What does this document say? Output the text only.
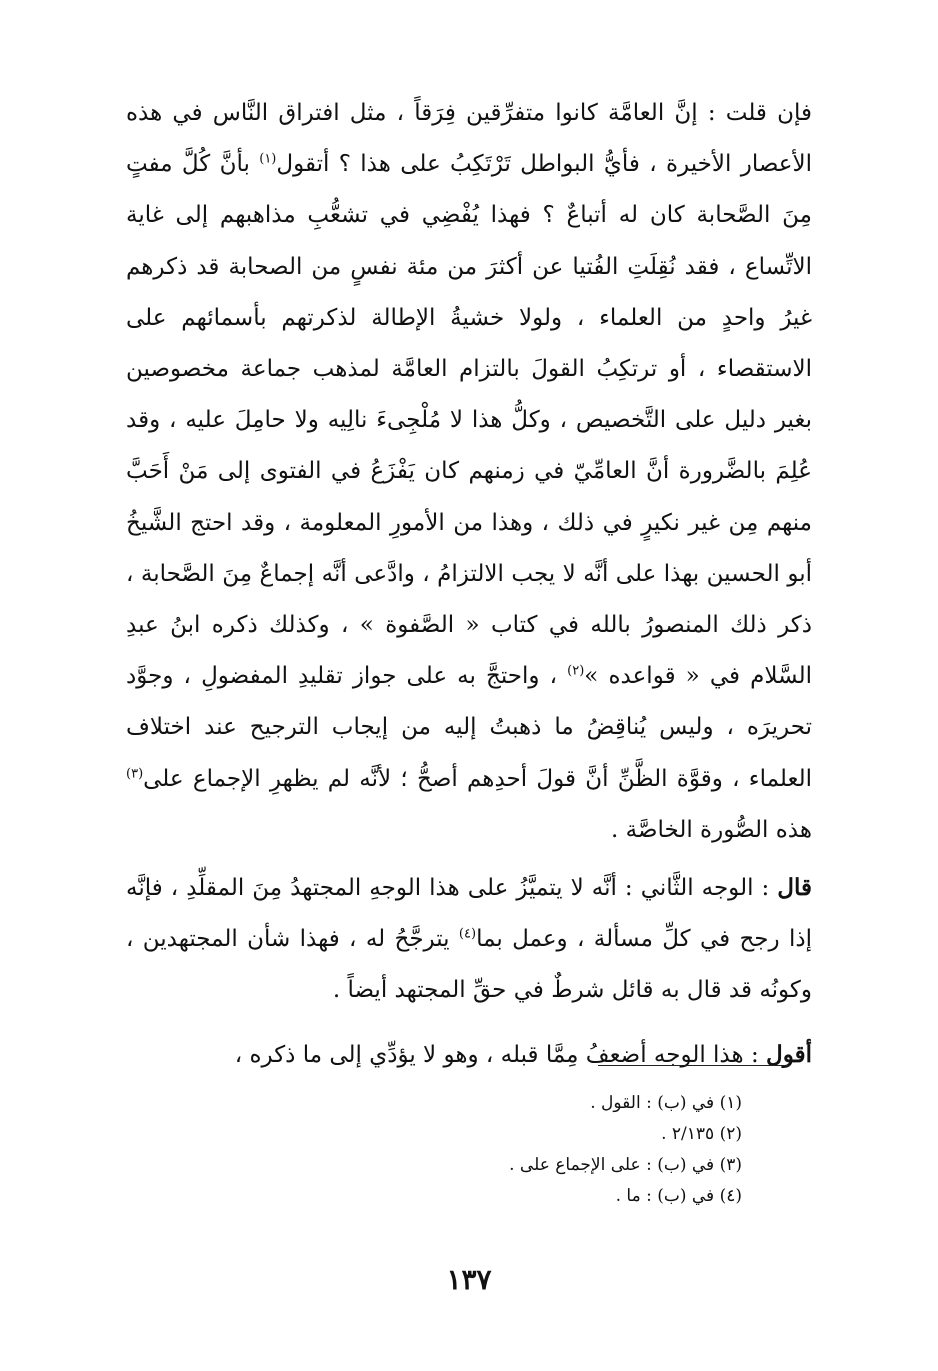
فإن قلت : إنَّ العامَّة كانوا متفرِّقين فِرَقاً ، مثل افتراق النَّاس في هذه الأعصار الأخيرة ، فأيُّ البواطل تَرْتَكِبُ على هذا ؟ أتقول$^{(١)}$ بأنَّ كُلَّ مفتٍ مِنَ الصَّحابة كان له أتباعٌ ؟ فهذا يُفْضِي في تشعُّبِ مذاهبهم إلى غاية الاتِّساع ، فقد نُقِلَتِ الفُتيا عن أكثرَ من مئة نفسٍ من الصحابة قد ذكرهم غيرُ واحدٍ من العلماء ، ولولا خشيةُ الإطالة لذكرتهم بأسمائهم على الاستقصاء ، أو ترتكِبُ القولَ بالتزام العامَّة لمذهب جماعة مخصوصين بغير دليل على التَّخصيص ، وكلُّ هذا لا مُلْجِىءَ نالِيه ولا حامِلَ عليه ، وقد عُلِمَ بالضَّرورة أنَّ العامِّيّ في زمنهم كان يَفْزَعُ في الفتوى إلى مَنْ أَحَبَّ منهم مِن غير نكيرٍ في ذلك ، وهذا من الأمورِ المعلومة ، وقد احتج الشَّيخُ أبو الحسين بهذا على أنَّه لا يجب الالتزامُ ، وادَّعى أنَّه إجماعٌ مِنَ الصَّحابة ، ذكر ذلك المنصورُ بالله في كتاب « الصَّفوة » ، وكذلك ذكره ابنُ عبدِ السَّلام في « قواعده »$^{(٢)}$ ، واحتجَّ به على جواز تقليدِ المفضولِ ، وجوَّد تحريرَه ، وليس يُناقِضُ ما ذهبتُ إليه من إيجاب الترجيح عند اختلاف العلماء ، وقوَّة الظَّنِّ أنَّ قولَ أحدِهم أصحُّ ؛ لأنَّه لم يظهرِ الإجماع على$^{(٣)}$ هذه الصُّورة الخاصَّة .

قال : الوجه الثَّاني : أنَّه لا يتميَّزُ على هذا الوجهِ المجتهدُ مِنَ المقلِّدِ ، فإنَّه إذا رجح في كلِّ مسألة ، وعمل بما$^{(٤)}$ يترجَّحُ له ، فهذا شأن المجتهدين ، وكونُه قد قال به قائل شرطٌ في حقِّ المجتهد أيضاً .

أقول : هذا الوجه أضعفُ مِمَّا قبله ، وهو لا يؤدِّي إلى ما ذكره ،

(١) في (ب) : القول .
(٢) ٢/١٣٥ .
(٣) في (ب) : على الإجماع على .
(٤) في (ب) : ما .
١٣٧
